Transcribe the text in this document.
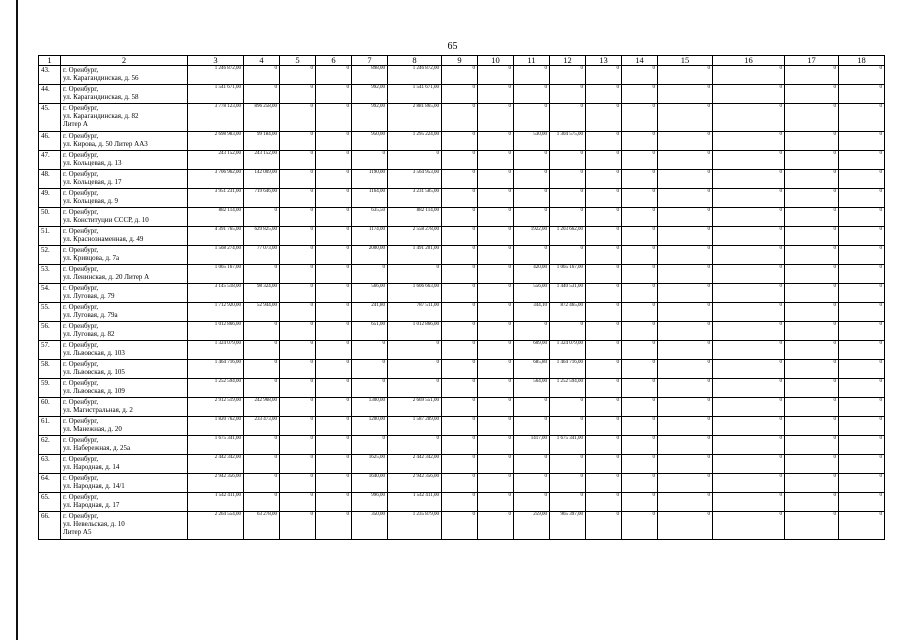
65
1	2	3	4	5	6	7	8	9	10	11	12	13	14	15	16	17	18
43.	г. Оренбург,
ул. Карагандинская, д. 56	1 246 872,00	0	0	0	898,00	1 246 872,00	0	0	0	0	0	0	0	0	0	0
44.	г. Оренбург,
ул. Карагандинская, д. 58	1 541 671,00	0	0	0	992,00	1 541 671,00	0	0	0	0	0	0	0	0	0	0
45.	г. Оренбург,
ул. Карагандинская, д. 82
Литер А	3 778 123,00	896 258,00	0	0	992,00	2 881 865,00	0	0	0	0	0	0	0	0	0	0
46.	г. Оренбург,
ул. Кирова, д. 50 Литер АА3	2 698 983,00	99 184,00	0	0	950,00	1 295 224,00	0	0	530,00	1 304 575,00	0	0	0	0	0	0
47.	г. Оренбург,
ул. Кольцевая, д. 13	243 152,00	243 152,00	0	0	0	0	0	0	0	0	0	0	0	0	0	0
48.	г. Оренбург,
ул. Кольцевая, д. 17	3 706 962,00	142 009,00	0	0	1190,00	3 564 953,00	0	0	0	0	0	0	0	0	0	0
49.	г. Оренбург,
ул. Кольцевая, д. 9	3 951 231,00	719 646,00	0	0	1164,00	3 231 585,00	0	0	0	0	0	0	0	0	0	0
50.	г. Оренбург,
ул. Конституции СССР, д. 10	882 114,00	0	0	0	635,50	882 114,00	0	0	0	0	0	0	0	0	0	0
51.	г. Оренбург,
ул. Краснознаменная, д. 49	4 391 765,00	629 825,00	0	0	1174,00	2 558 278,00	0	0	1922,00	1 203 662,00	0	0	0	0	0	0
52.	г. Оренбург,
ул. Кривцова, д. 7а	1 568 274,00	77 073,00	0	0	2000,00	1 491 201,00	0	0	0	0	0	0	0	0	0	0
53.	г. Оренбург,
ул. Ленинская, д. 20 Литер А	1 065 167,00	0	0	0	0	0	0	0	420,00	1 065 167,00	0	0	0	0	0	0
54.	г. Оренбург,
ул. Луговая, д. 79	3 145 518,00	98 324,00	0	0	566,00	1 606 663,00	0	0	556,00	1 440 531,00	0	0	0	0	0	0
55.	г. Оренбург,
ул. Луговая, д. 79а	1 712 920,00	52 944,00	0	0	241,80	787 511,00	0	0	344,10	872 465,00	0	0	0	0	0	0
56.	г. Оренбург,
ул. Луговая, д. 82	1 012 866,00	0	0	0	651,00	1 012 866,00	0	0	0	0	0	0	0	0	0	0
57.	г. Оренбург,
ул. Львовская, д. 103	1 324 079,00	0	0	0	0	0	0	0	609,00	1 324 079,00	0	0	0	0	0	0
58.	г. Оренбург,
ул. Львовская, д. 105	1 464 716,00	0	0	0	0	0	0	0	685,80	1 464 716,00	0	0	0	0	0	0
59.	г. Оренбург,
ул. Львовская, д. 109	1 252 594,00	0	0	0	0	0	0	0	564,00	1 252 594,00	0	0	0	0	0	0
60.	г. Оренбург,
ул. Магистральная, д. 2	2 912 519,00	242 968,00	0	0	1300,00	2 669 551,00	0	0	0	0	0	0	0	0	0	0
61.	г. Оренбург,
ул. Манежная, д. 20	1 820 762,00	233 473,00	0	0	1200,00	1 587 289,00	0	0	0	0	0	0	0	0	0	0
62.	г. Оренбург,
ул. Набережная, д. 25а	1 675 341,00	0	0	0	0	0	0	0	1417,00	1 675 341,00	0	0	0	0	0	0
63.	г. Оренбург,
ул. Народная, д. 14	2 442 342,00	0	0	0	1625,00	2 442 342,00	0	0	0	0	0	0	0	0	0	0
64.	г. Оренбург,
ул. Народная, д. 14/1	2 942 356,00	0	0	0	1640,00	2 942 356,00	0	0	0	0	0	0	0	0	0	0
65.	г. Оренбург,
ул. Народная, д. 17	1 542 411,00	0	0	0	996,00	1 542 411,00	0	0	0	0	0	0	0	0	0	0
66.	г. Оренбург,
ул. Невельская, д. 10
Литер А5	2 264 554,00	63 278,00	0	0	350,00	1 235 879,00	0	0	259,00	965 397,00	0	0	0	0	0	0
